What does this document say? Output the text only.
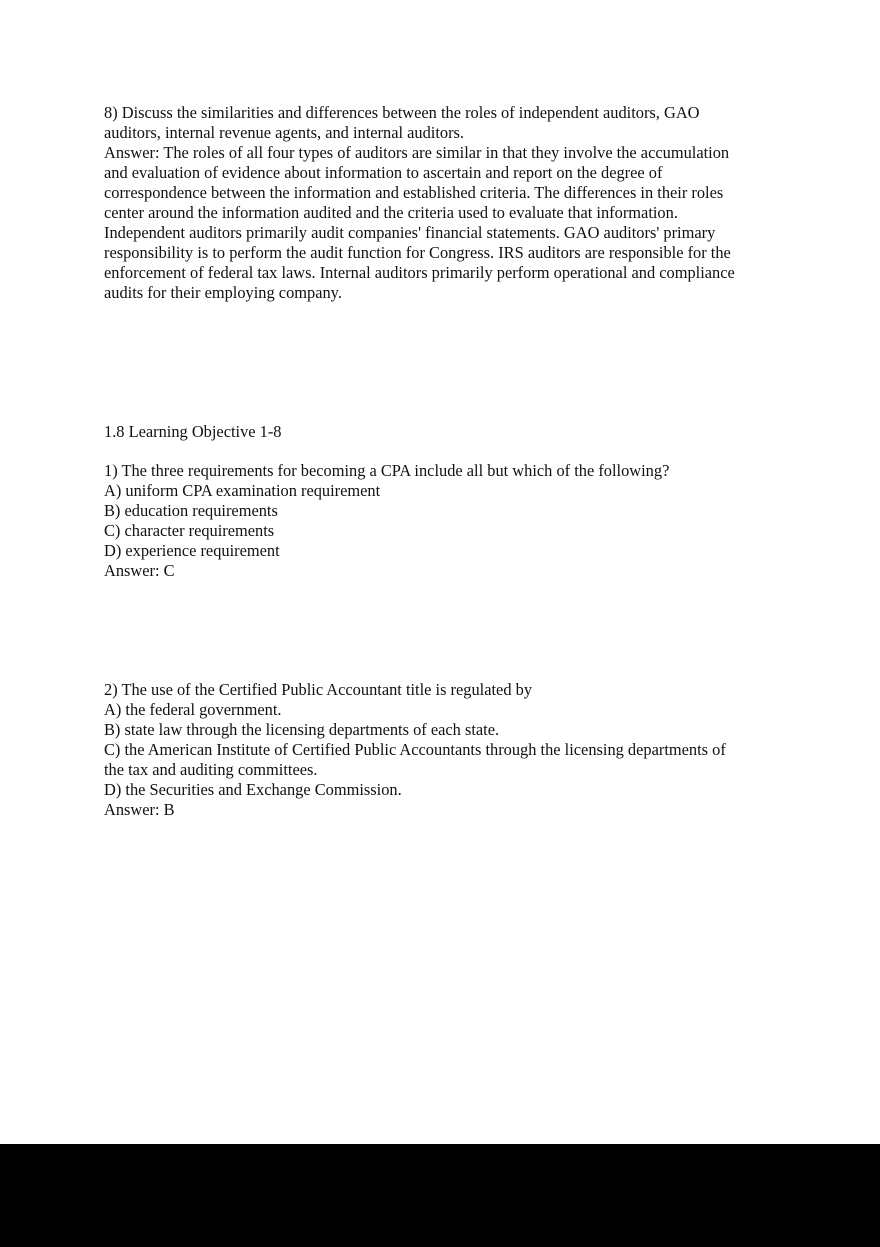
8) Discuss the similarities and differences between the roles of independent auditors, GAO
auditors, internal revenue agents, and internal auditors.
Answer: The roles of all four types of auditors are similar in that they involve the accumulation
and evaluation of evidence about information to ascertain and report on the degree of
correspondence between the information and established criteria. The differences in their roles
center around the information audited and the criteria used to evaluate that information.
Independent auditors primarily audit companies' financial statements. GAO auditors' primary
responsibility is to perform the audit function for Congress. IRS auditors are responsible for the
enforcement of federal tax laws. Internal auditors primarily perform operational and compliance
audits for their employing company.
1.8 Learning Objective 1-8
1) The three requirements for becoming a CPA include all but which of the following?
A) uniform CPA examination requirement
B) education requirements
C) character requirements
D) experience requirement
Answer: C
2) The use of the Certified Public Accountant title is regulated by
A) the federal government.
B) state law through the licensing departments of each state.
C) the American Institute of Certified Public Accountants through the licensing departments of
the tax and auditing committees.
D) the Securities and Exchange Commission.
Answer: B
